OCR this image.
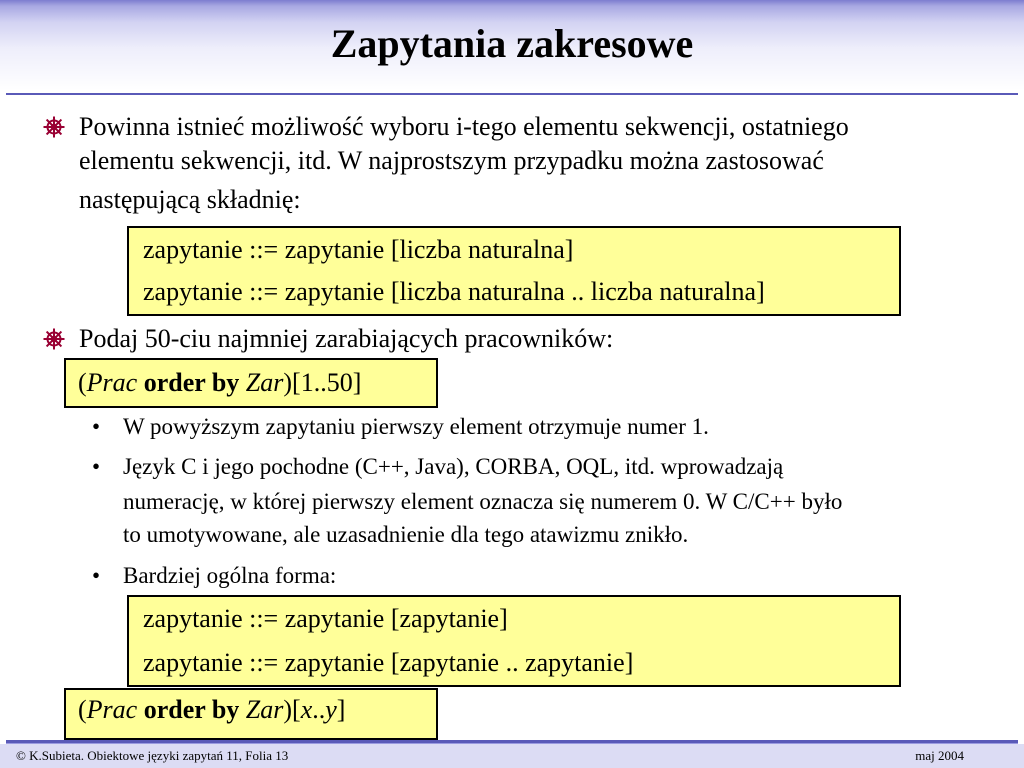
Zapytania zakresowe
Powinna istnieć możliwość wyboru i-tego elementu sekwencji, ostatniego
elementu sekwencji, itd. W najprostszym przypadku można zastosować
następującą składnię:
zapytanie ::= zapytanie [liczba naturalna]
zapytanie ::= zapytanie [liczba naturalna .. liczba naturalna]
Podaj 50-ciu najmniej zarabiających pracowników:
(Prac order by Zar)[1..50]
• W powyższym zapytaniu pierwszy element otrzymuje numer 1.
• Język C i jego pochodne (C++, Java), CORBA, OQL, itd. wprowadzają
numerację, w której pierwszy element oznacza się numerem 0. W C/C++ było
to umotywowane, ale uzasadnienie dla tego atawizmu znikło.
• Bardziej ogólna forma:
zapytanie ::= zapytanie [zapytanie]
zapytanie ::= zapytanie [zapytanie .. zapytanie]
(Prac order by Zar)[x..y]
© K.Subieta. Obiektowe języki zapytań 11, Folia 13	maj 2004
